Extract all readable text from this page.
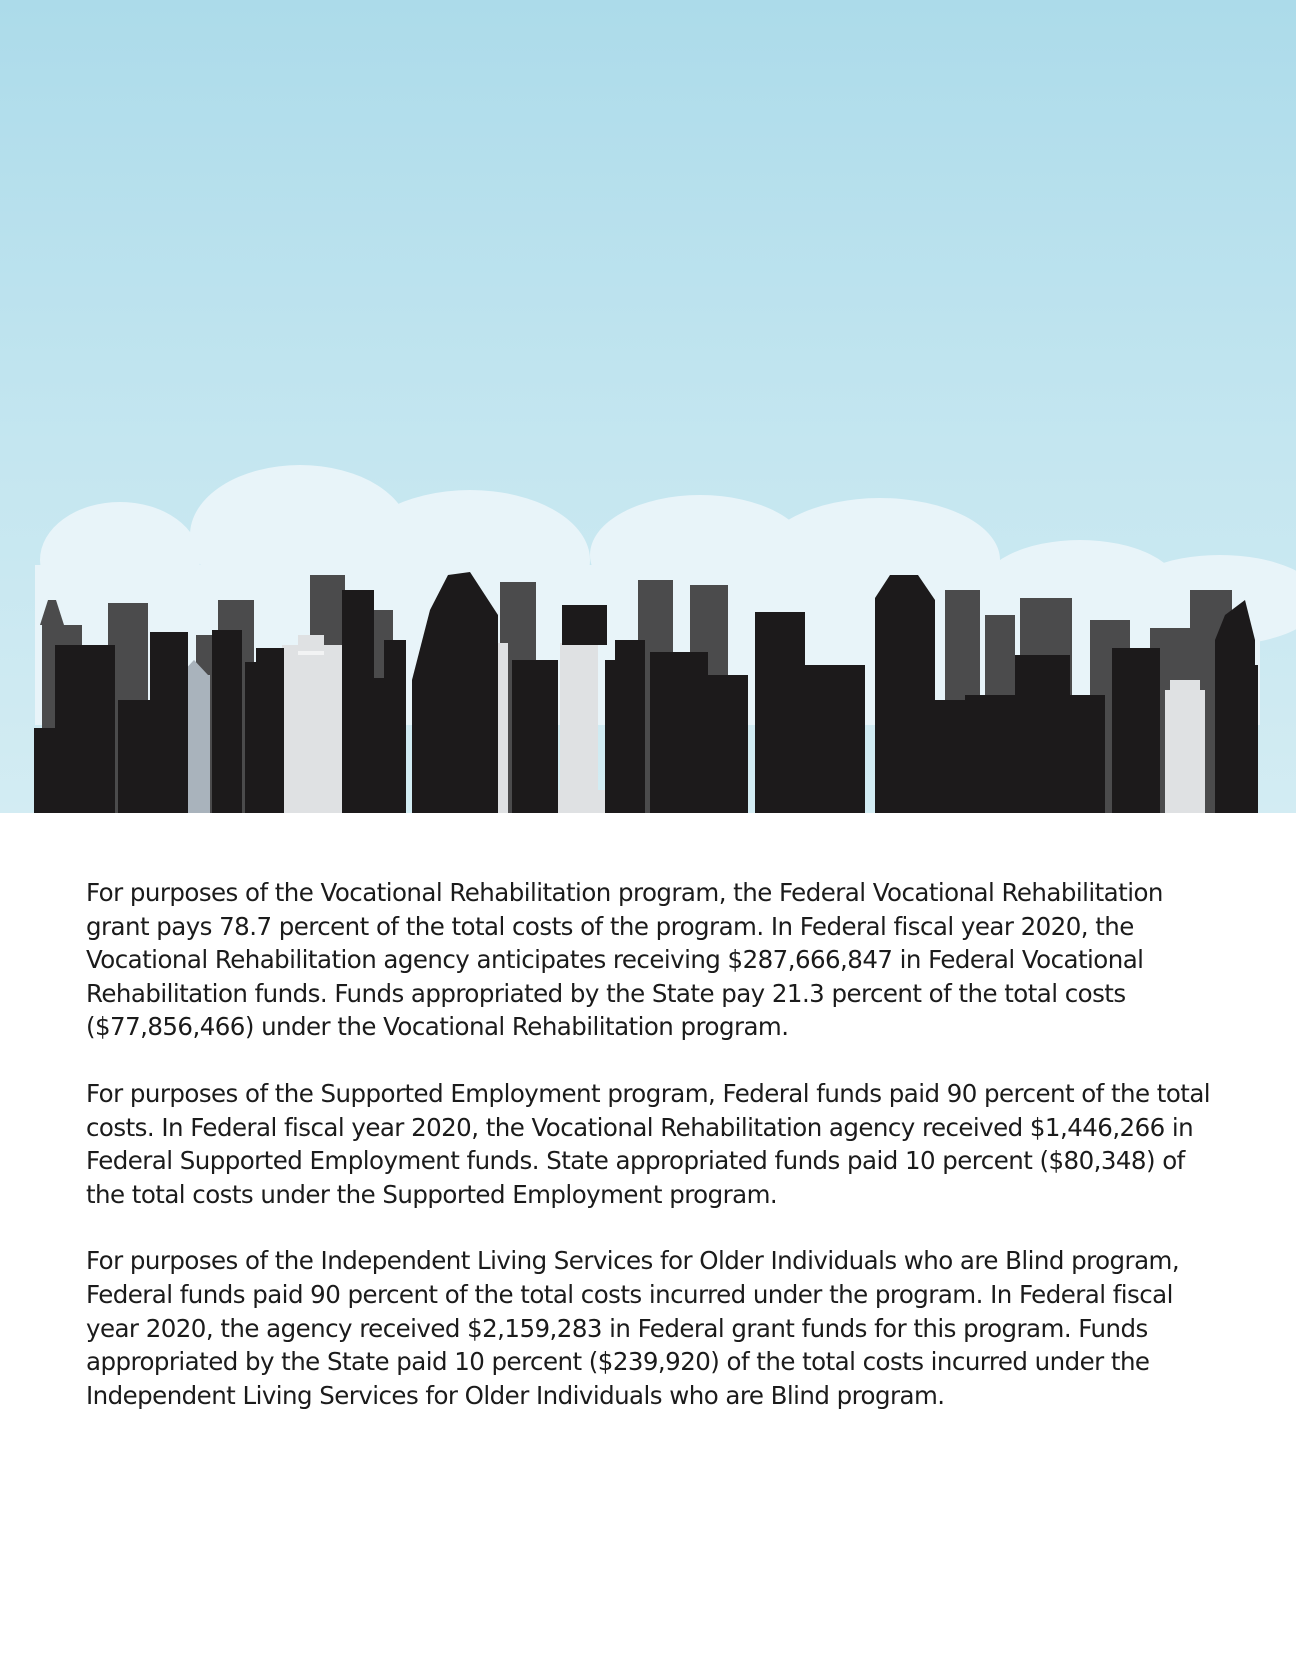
For purposes of the Vocational Rehabilitation program, the Federal Vocational Rehabilitation grant pays 78.7 percent of the total costs of the program. In Federal fiscal year 2020, the Vocational Rehabilitation agency anticipates receiving $287,666,847 in Federal Vocational Rehabilitation funds. Funds appropriated by the State pay 21.3 percent of the total costs ($77,856,466) under the Vocational Rehabilitation program.

For purposes of the Supported Employment program, Federal funds paid 90 percent of the total costs. In Federal fiscal year 2020, the Vocational Rehabilitation agency received $1,446,266 in Federal Supported Employment funds. State appropriated funds paid 10 percent ($80,348) of the total costs under the Supported Employment program.

For purposes of the Independent Living Services for Older Individuals who are Blind program, Federal funds paid 90 percent of the total costs incurred under the program. In Federal fiscal year 2020, the agency received $2,159,283 in Federal grant funds for this program. Funds appropriated by the State paid 10 percent ($239,920) of the total costs incurred under the Independent Living Services for Older Individuals who are Blind program.
